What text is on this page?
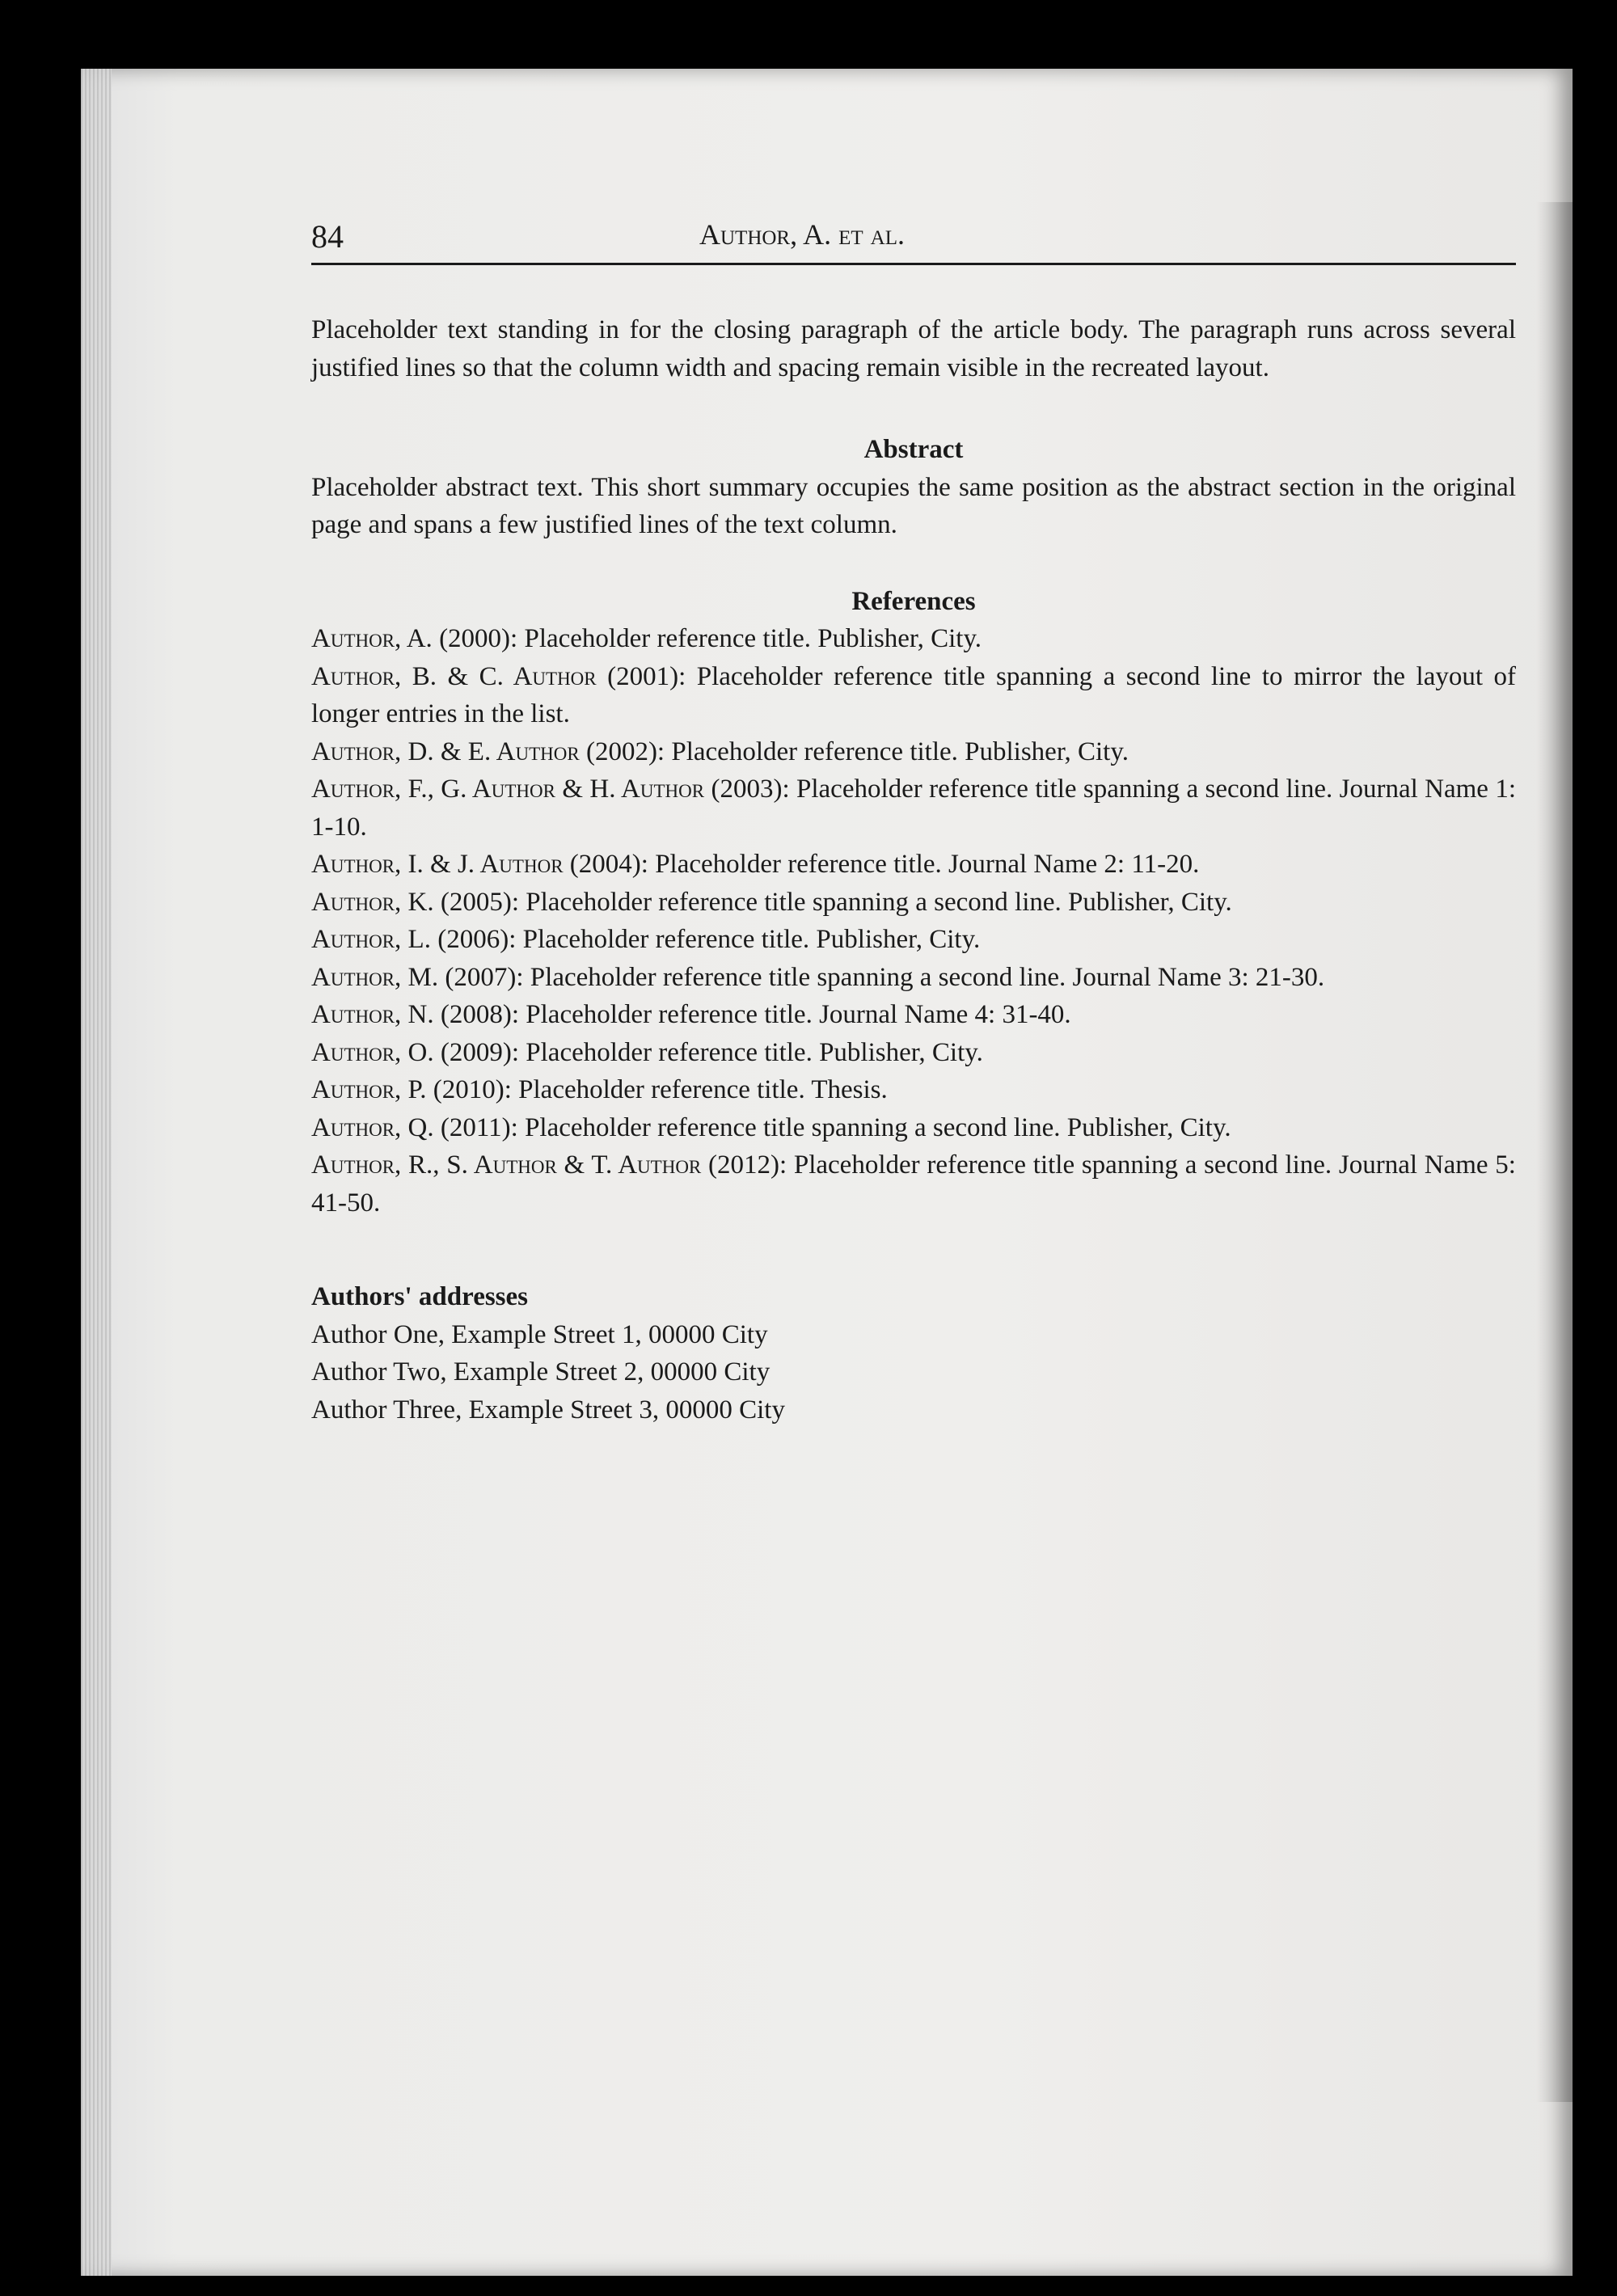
84	Author, A. et al.

Placeholder text standing in for the closing paragraph of the article body. The paragraph runs across several justified lines so that the column width and spacing remain visible in the recreated layout.

Abstract

Placeholder abstract text. This short summary occupies the same position as the abstract section in the original page and spans a few justified lines of the text column.

References

Author, A. (2000): Placeholder reference title. Publisher, City.

Author, B. & C. Author (2001): Placeholder reference title spanning a second line to mirror the layout of longer entries in the list.

Author, D. & E. Author (2002): Placeholder reference title. Publisher, City.

Author, F., G. Author & H. Author (2003): Placeholder reference title spanning a second line. Journal Name 1: 1-10.

Author, I. & J. Author (2004): Placeholder reference title. Journal Name 2: 11-20.

Author, K. (2005): Placeholder reference title spanning a second line. Publisher, City.

Author, L. (2006): Placeholder reference title. Publisher, City.

Author, M. (2007): Placeholder reference title spanning a second line. Journal Name 3: 21-30.

Author, N. (2008): Placeholder reference title. Journal Name 4: 31-40.

Author, O. (2009): Placeholder reference title. Publisher, City.

Author, P. (2010): Placeholder reference title. Thesis.

Author, Q. (2011): Placeholder reference title spanning a second line. Publisher, City.

Author, R., S. Author & T. Author (2012): Placeholder reference title spanning a second line. Journal Name 5: 41-50.

Authors' addresses

Author One, Example Street 1, 00000 City

Author Two, Example Street 2, 00000 City

Author Three, Example Street 3, 00000 City
